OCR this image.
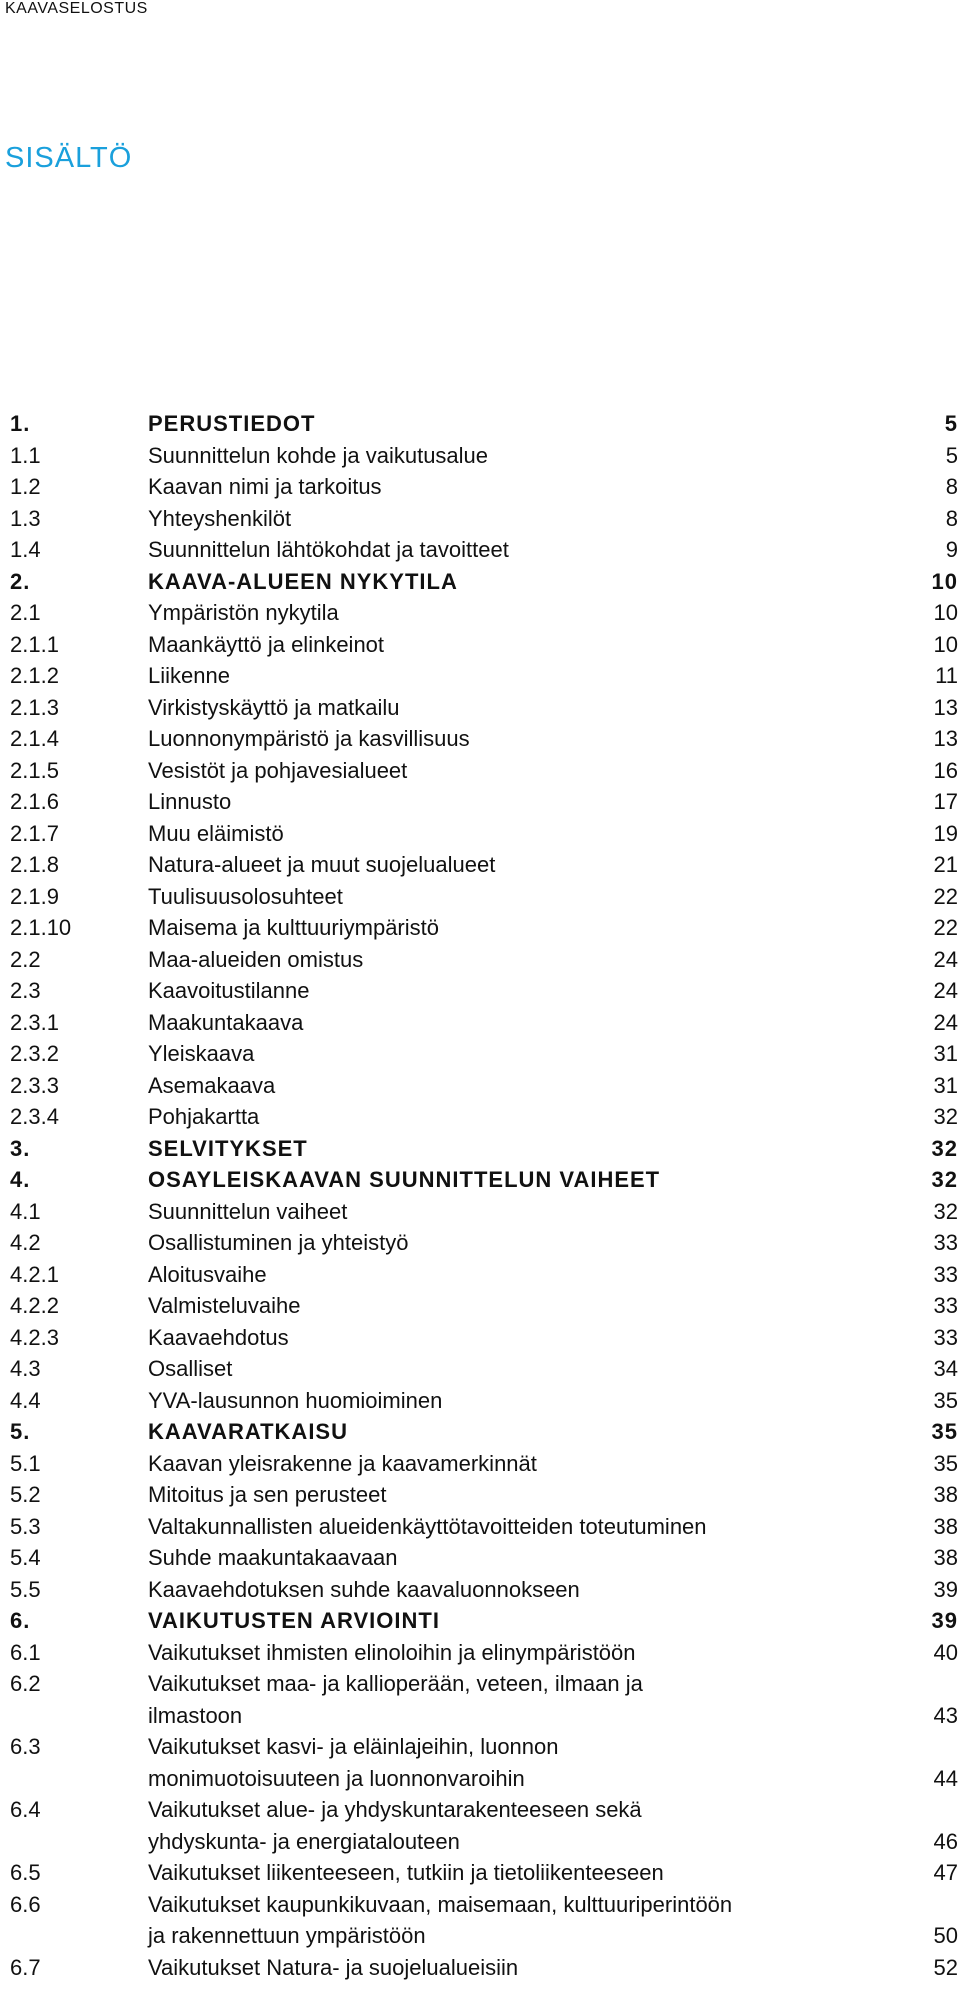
KAAVASELOSTUS
SISÄLTÖ
1.	PERUSTIEDOT	5
1.1	Suunnittelun kohde ja vaikutusalue	5
1.2	Kaavan nimi ja tarkoitus	8
1.3	Yhteyshenkilöt	8
1.4	Suunnittelun lähtökohdat ja tavoitteet	9
2.	KAAVA-ALUEEN NYKYTILA	10
2.1	Ympäristön nykytila	10
2.1.1	Maankäyttö ja elinkeinot	10
2.1.2	Liikenne	11
2.1.3	Virkistyskäyttö ja matkailu	13
2.1.4	Luonnonympäristö ja kasvillisuus	13
2.1.5	Vesistöt ja pohjavesialueet	16
2.1.6	Linnusto	17
2.1.7	Muu eläimistö	19
2.1.8	Natura-alueet ja muut suojelualueet	21
2.1.9	Tuulisuusolosuhteet	22
2.1.10	Maisema ja kulttuuriympäristö	22
2.2	Maa-alueiden omistus	24
2.3	Kaavoitustilanne	24
2.3.1	Maakuntakaava	24
2.3.2	Yleiskaava	31
2.3.3	Asemakaava	31
2.3.4	Pohjakartta	32
3.	SELVITYKSET	32
4.	OSAYLEISKAAVAN SUUNNITTELUN VAIHEET	32
4.1	Suunnittelun vaiheet	32
4.2	Osallistuminen ja yhteistyö	33
4.2.1	Aloitusvaihe	33
4.2.2	Valmisteluvaihe	33
4.2.3	Kaavaehdotus	33
4.3	Osalliset	34
4.4	YVA-lausunnon huomioiminen	35
5.	KAAVARATKAISU	35
5.1	Kaavan yleisrakenne ja kaavamerkinnät	35
5.2	Mitoitus ja sen perusteet	38
5.3	Valtakunnallisten alueidenkäyttötavoitteiden toteutuminen	38
5.4	Suhde maakuntakaavaan	38
5.5	Kaavaehdotuksen suhde kaavaluonnokseen	39
6.	VAIKUTUSTEN ARVIOINTI	39
6.1	Vaikutukset ihmisten elinoloihin ja elinympäristöön	40
6.2	Vaikutukset maa- ja kallioperään, veteen, ilmaan ja
ilmastoon	43
6.3	Vaikutukset kasvi- ja eläinlajeihin, luonnon
monimuotoisuuteen ja luonnonvaroihin	44
6.4	Vaikutukset alue- ja yhdyskuntarakenteeseen sekä
yhdyskunta- ja energiatalouteen	46
6.5	Vaikutukset liikenteeseen, tutkiin ja tietoliikenteeseen	47
6.6	Vaikutukset kaupunkikuvaan, maisemaan, kulttuuriperintöön
ja rakennettuun ympäristöön	50
6.7	Vaikutukset Natura- ja suojelualueisiin	52
